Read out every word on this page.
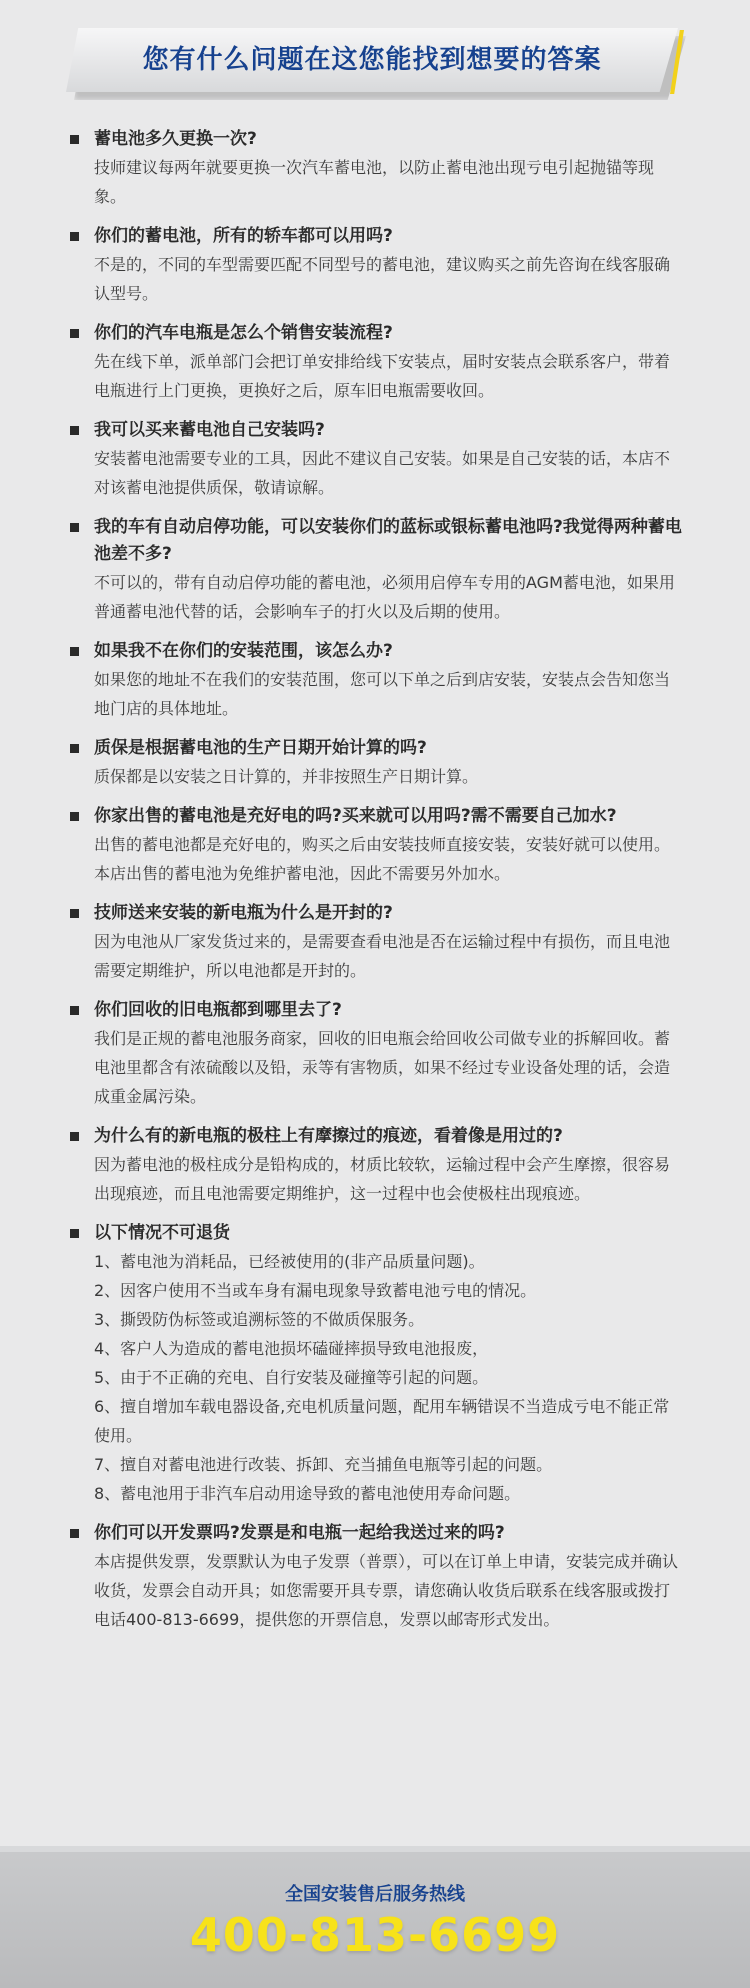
您有什么问题在这您能找到想要的答案
蓄电池多久更换一次?
技师建议每两年就要更换一次汽车蓄电池，以防止蓄电池出现亏电引起抛锚等现象。
你们的蓄电池，所有的轿车都可以用吗?
不是的，不同的车型需要匹配不同型号的蓄电池，建议购买之前先咨询在线客服确认型号。
你们的汽车电瓶是怎么个销售安装流程?
先在线下单，派单部门会把订单安排给线下安装点，届时安装点会联系客户，带着电瓶进行上门更换，更换好之后，原车旧电瓶需要收回。
我可以买来蓄电池自己安装吗?
安装蓄电池需要专业的工具，因此不建议自己安装。如果是自己安装的话，本店不对该蓄电池提供质保，敬请谅解。
我的车有自动启停功能，可以安装你们的蓝标或银标蓄电池吗?我觉得两种蓄电池差不多?
不可以的，带有自动启停功能的蓄电池，必须用启停车专用的AGM蓄电池，如果用普通蓄电池代替的话，会影响车子的打火以及后期的使用。
如果我不在你们的安装范围，该怎么办?
如果您的地址不在我们的安装范围，您可以下单之后到店安装，安装点会告知您当地门店的具体地址。
质保是根据蓄电池的生产日期开始计算的吗?
质保都是以安装之日计算的，并非按照生产日期计算。
你家出售的蓄电池是充好电的吗?买来就可以用吗?需不需要自己加水?
出售的蓄电池都是充好电的，购买之后由安装技师直接安装，安装好就可以使用。本店出售的蓄电池为免维护蓄电池，因此不需要另外加水。
技师送来安装的新电瓶为什么是开封的?
因为电池从厂家发货过来的，是需要查看电池是否在运输过程中有损伤，而且电池需要定期维护，所以电池都是开封的。
你们回收的旧电瓶都到哪里去了?
我们是正规的蓄电池服务商家，回收的旧电瓶会给回收公司做专业的拆解回收。蓄电池里都含有浓硫酸以及铅，汞等有害物质，如果不经过专业设备处理的话，会造成重金属污染。
为什么有的新电瓶的极柱上有摩擦过的痕迹，看着像是用过的?
因为蓄电池的极柱成分是铅构成的，材质比较软，运输过程中会产生摩擦，很容易出现痕迹，而且电池需要定期维护，这一过程中也会使极柱出现痕迹。
以下情况不可退货
1、蓄电池为消耗品，已经被使用的(非产品质量问题)。
2、因客户使用不当或车身有漏电现象导致蓄电池亏电的情况。
3、撕毁防伪标签或追溯标签的不做质保服务。
4、客户人为造成的蓄电池损坏磕碰摔损导致电池报废，
5、由于不正确的充电、自行安装及碰撞等引起的问题。
6、擅自增加车载电器设备,充电机质量问题，配用车辆错误不当造成亏电不能正常使用。
7、擅自对蓄电池进行改装、拆卸、充当捕鱼电瓶等引起的问题。
8、蓄电池用于非汽车启动用途导致的蓄电池使用寿命问题。
你们可以开发票吗?发票是和电瓶一起给我送过来的吗?
本店提供发票，发票默认为电子发票（普票），可以在订单上申请，安装完成并确认收货，发票会自动开具；如您需要开具专票，请您确认收货后联系在线客服或拨打电话400-813-6699，提供您的开票信息，发票以邮寄形式发出。
全国安装售后服务热线
400-813-6699
